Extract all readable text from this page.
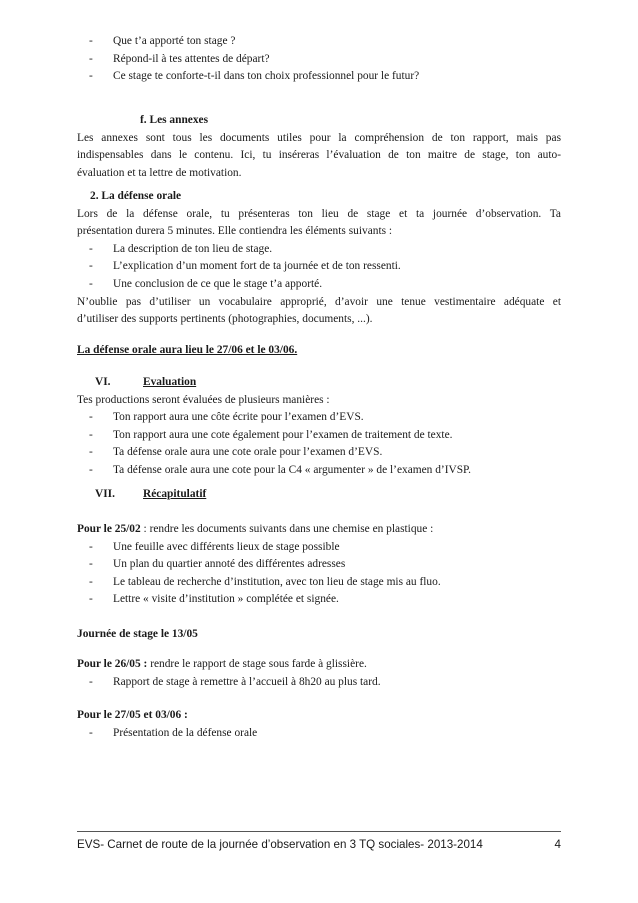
-	Que t’a apporté ton stage ?
-	Répond-il à tes attentes de départ?
-	Ce stage te conforte-t-il dans ton choix professionnel pour le futur?
f. Les annexes
Les annexes sont tous les documents utiles pour la compréhension de ton rapport, mais pas
indispensables dans le contenu. Ici, tu inséreras l’évaluation de ton maitre de stage, ton auto-
évaluation et ta lettre de motivation.
2. La défense orale
Lors de la défense orale, tu présenteras ton lieu de stage et ta journée d’observation. Ta
présentation durera 5 minutes. Elle contiendra les éléments suivants :
-	La description de ton lieu de stage.
-	L’explication d’un moment fort de ta journée et de ton ressenti.
-	Une conclusion de ce que le stage t’a apporté.
N’oublie pas d’utiliser un vocabulaire approprié, d’avoir une tenue vestimentaire adéquate et
d’utiliser des supports pertinents (photographies, documents, ...).
La défense orale aura lieu le 27/06 et le 03/06.
VI.	Evaluation
Tes productions seront évaluées de plusieurs manières :
-	Ton rapport aura une côte écrite pour l’examen d’EVS.
-	Ton rapport aura une cote également pour l’examen de traitement de texte.
-	Ta défense orale aura une cote orale pour l’examen d’EVS.
-	Ta défense orale aura une cote pour la C4 « argumenter » de l’examen d’IVSP.
VII.	Récapitulatif
Pour le 25/02 : rendre les documents suivants dans une chemise en plastique :
-	Une feuille avec différents lieux de stage possible
-	Un plan du quartier annoté des différentes adresses
-	Le tableau de recherche d’institution, avec ton lieu de stage mis au fluo.
-	Lettre « visite d’institution » complétée et signée.
Journée de stage le 13/05
Pour le 26/05 : rendre le rapport de stage sous farde à glissière.
-	Rapport de stage à remettre à l’accueil à 8h20 au plus tard.
Pour le 27/05 et 03/06 :
-	Présentation de la défense orale
EVS- Carnet de route de la journée d’observation en 3 TQ sociales- 2013-2014	4
